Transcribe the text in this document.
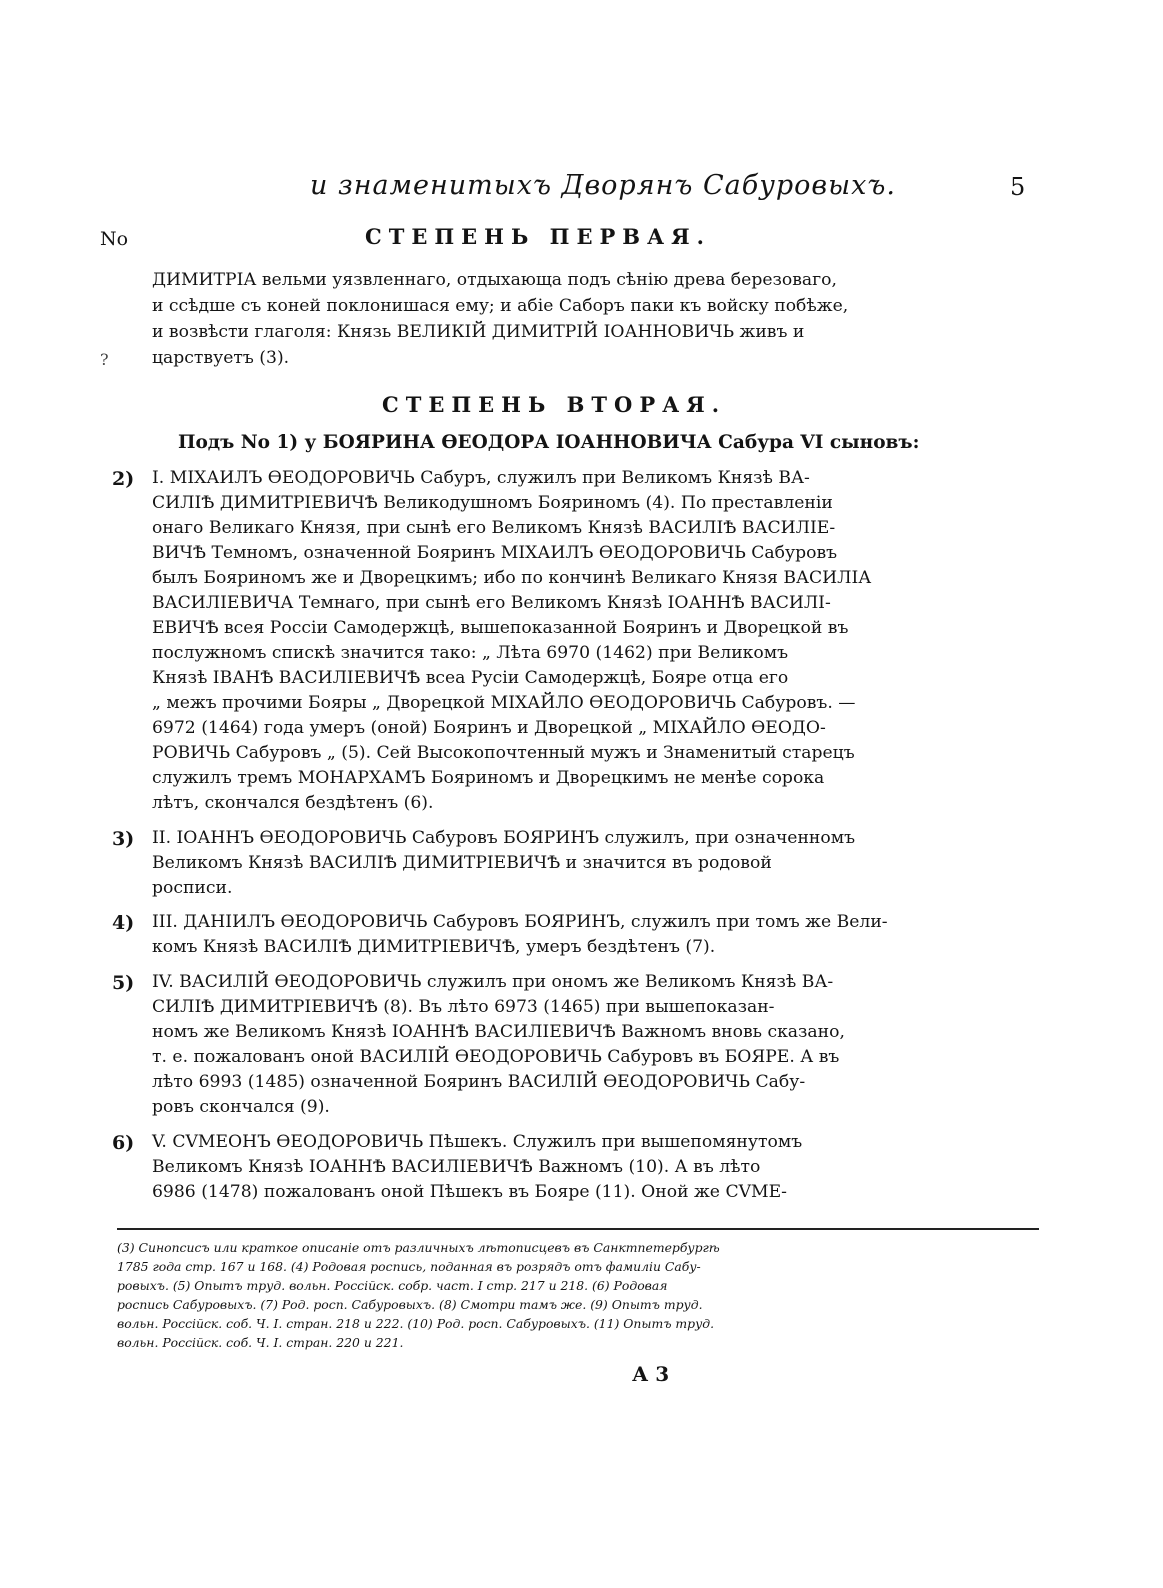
и знаменитыхъ Дворянъ Сабуровыхъ.	5
No	СТЕПЕНЬ ПЕРВАЯ.
ДИМИТРІА вельми уязвленнаго, отдыхающа подъ сѣнію древа березоваго,
и ссѣдше съ коней поклонишася ему; и абіе Саборъ паки къ войску побѣже,
и возвѣсти глаголя: Князь ВЕЛИКІЙ ДИМИТРІЙ ІОАННОВИЧЬ живъ и
царствуетъ (3).
?
СТЕПЕНЬ ВТОРАЯ.
Подъ No 1) у БОЯРИНА ѲЕОДОРА ІОАННОВИЧА Сабура VI сыновъ:
2) I. МІХАИЛЪ ѲЕОДОРОВИЧЬ Сабуръ, служилъ при Великомъ Князѣ ВА-
СИЛІѢ ДИМИТРІЕВИЧѢ Великодушномъ Бояриномъ (4). По преставленіи
онаго Великаго Князя, при сынѣ его Великомъ Князѣ ВАСИЛІѢ ВАСИЛІЕ-
ВИЧѢ Темномъ, означенной Бояринъ МІХАИЛЪ ѲЕОДОРОВИЧЬ Сабуровъ
былъ Бояриномъ же и Дворецкимъ; ибо по кончинѣ Великаго Князя ВАСИЛІА
ВАСИЛІЕВИЧА Темнаго, при сынѣ его Великомъ Князѣ ІОАННѢ ВАСИЛІ-
ЕВИЧѢ всея Россіи Самодержцѣ, вышепоказанной Бояринъ и Дворецкой въ
послужномъ спискѣ значится тако: „ Лѣта 6970 (1462) при Великомъ
Князѣ ІВАНѢ ВАСИЛІЕВИЧѢ всеа Русіи Самодержцѣ, Бояре отца его
„ межъ прочими Бояры „ Дворецкой МІХАЙЛО ѲЕОДОРОВИЧЬ Сабуровъ. —
6972 (1464) года умеръ (оной) Бояринъ и Дворецкой „ МІХАЙЛО ѲЕОДО-
РОВИЧЬ Сабуровъ „ (5). Сей Высокопочтенный мужъ и Знаменитый старецъ
служилъ тремъ МОНАРХАМЪ Бояриномъ и Дворецкимъ не менѣе сорока
лѣтъ, скончался бездѣтенъ (6).
3) II. ІОАННЪ ѲЕОДОРОВИЧЬ Сабуровъ БОЯРИНЪ служилъ, при означенномъ
Великомъ Князѣ ВАСИЛІѢ ДИМИТРІЕВИЧѢ и значится въ родовой
росписи.
4) III. ДАНІИЛЪ ѲЕОДОРОВИЧЬ Сабуровъ БОЯРИНЪ, служилъ при томъ же Вели-
комъ Князѣ ВАСИЛІѢ ДИМИТРІЕВИЧѢ, умеръ бездѣтенъ (7).
5) IV. ВАСИЛІЙ ѲЕОДОРОВИЧЬ служилъ при ономъ же Великомъ Князѣ ВА-
СИЛІѢ ДИМИТРІЕВИЧѢ (8). Въ лѣто 6973 (1465) при вышепоказан-
номъ же Великомъ Князѣ ІОАННѢ ВАСИЛІЕВИЧѢ Важномъ вновь сказано,
т. е. пожалованъ оной ВАСИЛІЙ ѲЕОДОРОВИЧЬ Сабуровъ въ БОЯРЕ. А въ
лѣто 6993 (1485) означенной Бояринъ ВАСИЛІЙ ѲЕОДОРОВИЧЬ Сабу-
ровъ скончался (9).
6) V. СVМЕОНЪ ѲЕОДОРОВИЧЬ Пѣшекъ. Служилъ при вышепомянутомъ
Великомъ Князѣ ІОАННѢ ВАСИЛІЕВИЧѢ Важномъ (10). А въ лѣто
6986 (1478) пожалованъ оной Пѣшекъ въ Бояре (11). Оной же СVМЕ-
(3) Синопсисъ или краткое описаніе отъ различныхъ лѣтописцевъ въ Санктпетербургѣ
1785 года стр. 167 и 168. (4) Родовая роспись, поданная въ розрядъ отъ фамиліи Сабу-
ровыхъ. (5) Опытъ труд. вольн. Россійск. собр. част. I стр. 217 и 218. (6) Родовая
роспись Сабуровыхъ. (7) Род. росп. Сабуровыхъ. (8) Смотри тамъ же. (9) Опытъ труд.
вольн. Россійск. соб. Ч. I. стран. 218 и 222. (10) Род. росп. Сабуровыхъ. (11) Опытъ труд.
вольн. Россійск. соб. Ч. I. стран. 220 и 221.
А 3
